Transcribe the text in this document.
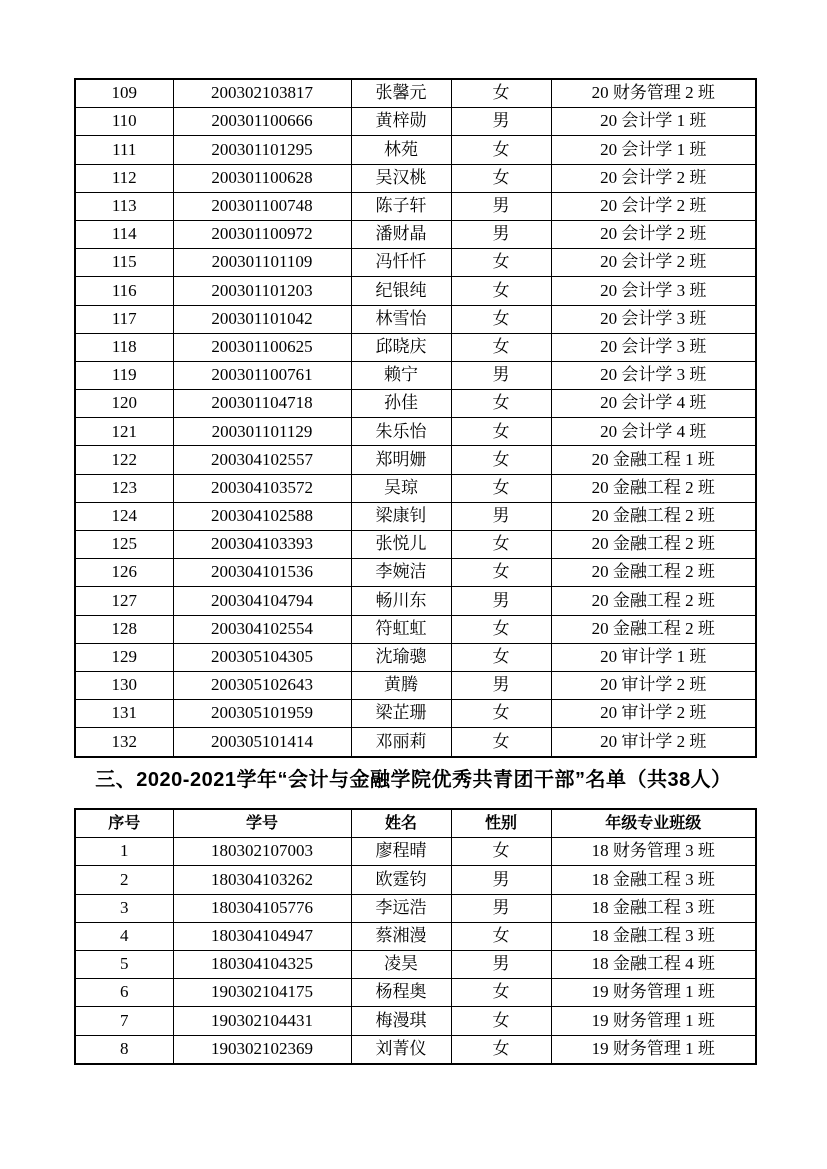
109	200302103817	张馨元	女	20 财务管理 2 班
110	200301100666	黄梓勋	男	20 会计学 1 班
111	200301101295	林苑	女	20 会计学 1 班
112	200301100628	吴汉桃	女	20 会计学 2 班
113	200301100748	陈子轩	男	20 会计学 2 班
114	200301100972	潘财晶	男	20 会计学 2 班
115	200301101109	冯忏忏	女	20 会计学 2 班
116	200301101203	纪银纯	女	20 会计学 3 班
117	200301101042	林雪怡	女	20 会计学 3 班
118	200301100625	邱晓庆	女	20 会计学 3 班
119	200301100761	赖宁	男	20 会计学 3 班
120	200301104718	孙佳	女	20 会计学 4 班
121	200301101129	朱乐怡	女	20 会计学 4 班
122	200304102557	郑明姗	女	20 金融工程 1 班
123	200304103572	吴琼	女	20 金融工程 2 班
124	200304102588	梁康钊	男	20 金融工程 2 班
125	200304103393	张悦儿	女	20 金融工程 2 班
126	200304101536	李婉洁	女	20 金融工程 2 班
127	200304104794	畅川东	男	20 金融工程 2 班
128	200304102554	符虹虹	女	20 金融工程 2 班
129	200305104305	沈瑜骢	女	20 审计学 1 班
130	200305102643	黄腾	男	20 审计学 2 班
131	200305101959	梁芷珊	女	20 审计学 2 班
132	200305101414	邓丽莉	女	20 审计学 2 班
三、2020-2021学年“会计与金融学院优秀共青团干部”名单（共38人）
序号	学号	姓名	性别	年级专业班级
1	180302107003	廖程晴	女	18 财务管理 3 班
2	180304103262	欧霆钧	男	18 金融工程 3 班
3	180304105776	李远浩	男	18 金融工程 3 班
4	180304104947	蔡湘漫	女	18 金融工程 3 班
5	180304104325	凌昊	男	18 金融工程 4 班
6	190302104175	杨程奥	女	19 财务管理 1 班
7	190302104431	梅漫琪	女	19 财务管理 1 班
8	190302102369	刘菁仪	女	19 财务管理 1 班
